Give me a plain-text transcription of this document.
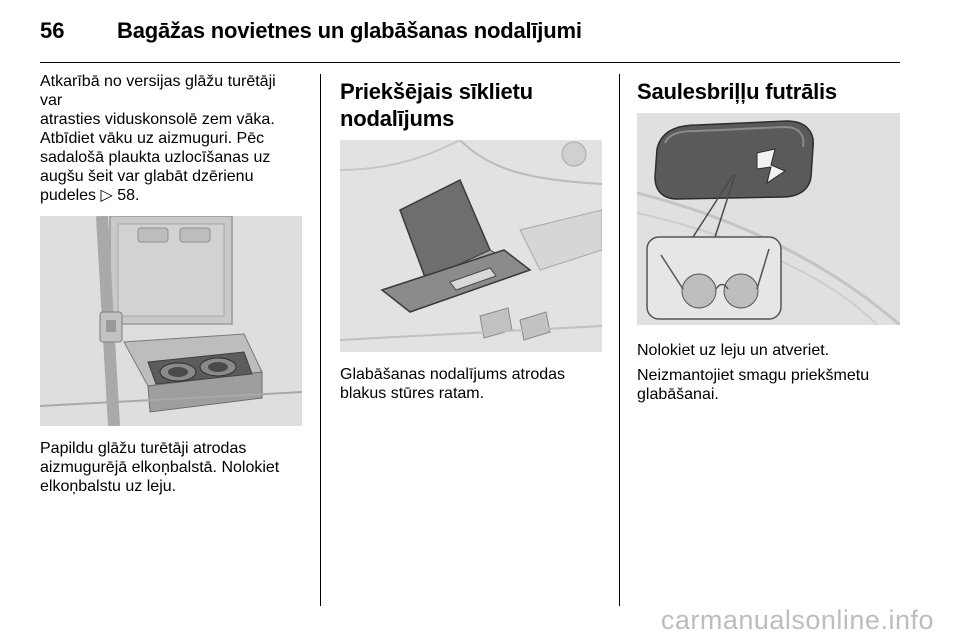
56 Bagāžas novietnes un glabāšanas nodalījumi

Atkarībā no versijas glāžu turētāji var
atrasties viduskonsolē zem vāka.
Atbīdiet vāku uz aizmuguri. Pēc
sadalošā plaukta uzlocīšanas uz
augšu šeit var glabāt dzērienu
pudeles ▷ 58.

Papildu glāžu turētāji atrodas
aizmugurējā elkoņbalstā. Nolokiet
elkoņbalstu uz leju.

Priekšējais sīklietu
nodalījums

Glabāšanas nodalījums atrodas
blakus stūres ratam.

Saulesbriļļu futrālis

Nolokiet uz leju un atveriet.

Neizmantojiet smagu priekšmetu
glabāšanai.

carmanualsonline.info
